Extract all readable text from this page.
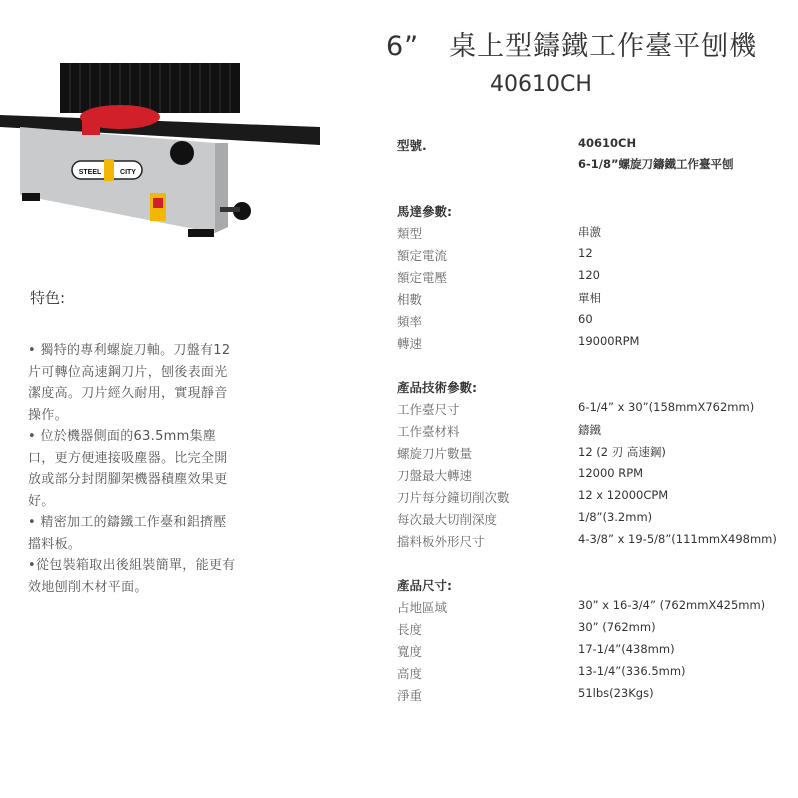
STEEL	CITY
6” 桌上型鑄鐵工作臺平刨機
40610CH
特色:
• 獨特的專利螺旋刀軸。刀盤有12
片可轉位高速鋼刀片，刨後表面光
潔度高。刀片經久耐用，實現靜音
操作。
• 位於機器側面的63.5mm集塵
口，更方便連接吸塵器。比完全開
放或部分封閉腳架機器積塵效果更
好。
• 精密加工的鑄鐵工作臺和鋁擠壓
擋料板。
•從包裝箱取出後組裝簡單，能更有
效地刨削木材平面。
型號.	40610CH
6-1/8”螺旋刀鑄鐵工作臺平刨
馬達參數:
類型	串激
額定電流	12
額定電壓	120
相數	單相
頻率	60
轉速	19000RPM
產品技術參數:
工作臺尺寸	6-1/4” x 30”(158mmX762mm)
工作臺材料	鑄鐵
螺旋刀片數量	12 (2 刃 高速鋼)
刀盤最大轉速	12000 RPM
刀片每分鐘切削次數	12 x 12000CPM
每次最大切削深度	1/8”(3.2mm)
擋料板外形尺寸	4-3/8” x 19-5/8”(111mmX498mm)
產品尺寸:
占地區域	30” x 16-3/4” (762mmX425mm)
長度	30” (762mm)
寬度	17-1/4”(438mm)
高度	13-1/4”(336.5mm)
淨重	51lbs(23Kgs)
